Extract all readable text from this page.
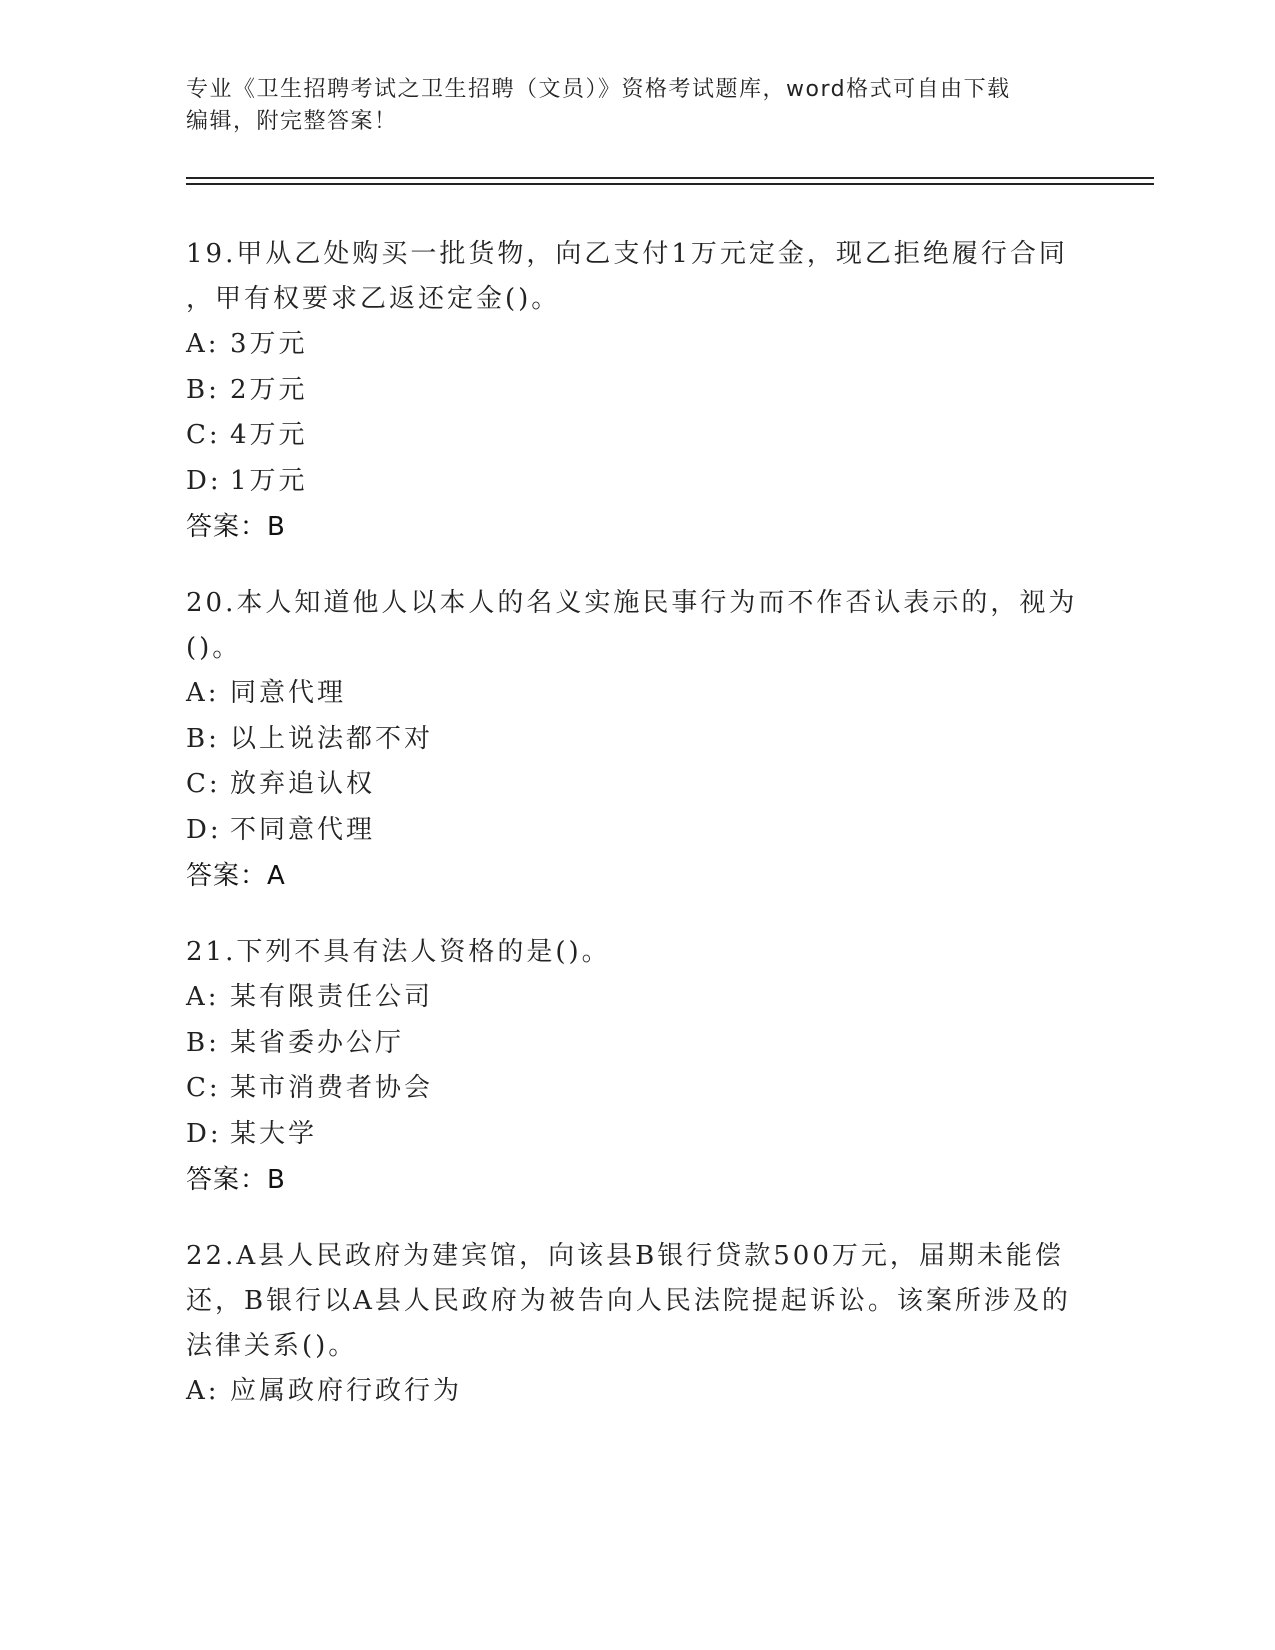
专业《卫生招聘考试之卫生招聘（文员）》资格考试题库，word格式可自由下载
编辑，附完整答案！

19.甲从乙处购买一批货物，向乙支付1万元定金，现乙拒绝履行合同

，甲有权要求乙返还定金()。

A: 3万元

B: 2万元

C: 4万元

D: 1万元

答案：B

20.本人知道他人以本人的名义实施民事行为而不作否认表示的，视为

()。

A: 同意代理

B: 以上说法都不对

C: 放弃追认权

D: 不同意代理

答案：A

21.下列不具有法人资格的是()。

A: 某有限责任公司

B: 某省委办公厅

C: 某市消费者协会

D: 某大学

答案：B

22.A县人民政府为建宾馆，向该县B银行贷款500万元，届期未能偿

还，B银行以A县人民政府为被告向人民法院提起诉讼。该案所涉及的

法律关系()。

A: 应属政府行政行为
